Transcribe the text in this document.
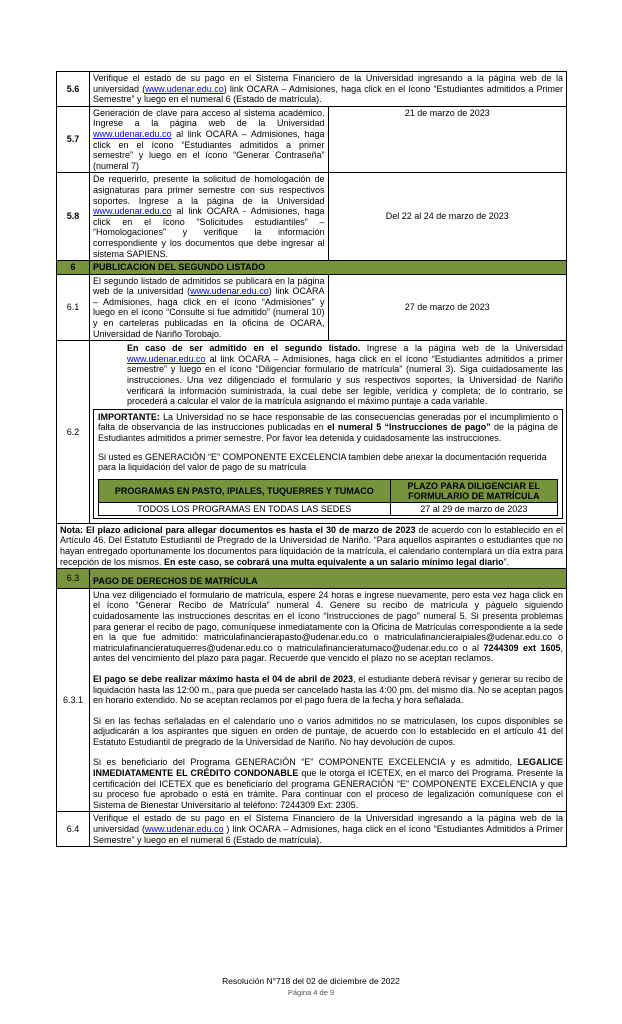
5.6	Verifique el estado de su pago en el Sistema Financiero de la Universidad ingresando a la página web de la universidad (www.udenar.edu.co) link OCARA – Admisiones, haga click en el ícono “Estudiantes admitidos a Primer Semestre” y luego en el numeral 6 (Estado de matrícula).
5.7	Generación de clave para acceso al sistema académico. Ingrese a la página web de la Universidad www.udenar.edu.co al link OCARA – Admisiones, haga click en el ícono “Estudiantes admitidos a primer semestre” y luego en el ícono “Generar Contraseña” (numeral 7)	21 de marzo de 2023
5.8	De requerirlo, presente la solicitud de homologación de asignaturas para primer semestre con sus respectivos soportes. Ingrese a la página de la Universidad www.udenar.edu.co al link OCARA - Admisiones, haga click en el ícono “Solicitudes estudiantiles” – “Homologaciones” y verifique la información correspondiente y los documentos que debe ingresar al sistema SAPIENS.	Del 22 al 24 de marzo de 2023
6	PUBLICACION DEL SEGUNDO LISTADO
6.1	El segundo listado de admitidos se publicará en la página web de la universidad (www.udenar.edu.co) link OCARA – Admisiones, haga click en el ícono “Admisiones” y luego en el ícono “Consulte si fue admitido” (numeral 10) y en carteleras publicadas en la oficina de OCARA, Universidad de Nariño Torobajo.	27 de marzo de 2023
6.2	

En caso de ser admitido en el segundo listado. Ingrese a la página web de la Universidad www.udenar.edu.co al link OCARA – Admisiones, haga click en el ícono “Estudiantes admitidos a primer semestre” y luego en el ícono “Diligenciar formulario de matrícula” (numeral 3). Siga cuidadosamente las instrucciones. Una vez diligenciado el formulario y sus respectivos soportes, la Universidad de Nariño verificará la información suministrada, la cual debe ser legible, verídica y completa; de lo contrario, se procederá a calcular el valor de la matrícula asignando el máximo puntaje a cada variable.

IMPORTANTE: La Universidad no se hace responsable de las consecuencias generadas por el incumplimiento o falta de observancia de las instrucciones publicadas en el numeral 5 “Instrucciones de pago” de la página de Estudiantes admitidos a primer semestre. Por favor lea detenida y cuidadosamente las instrucciones.

Si usted es GENERACIÓN “E” COMPONENTE EXCELENCIA también debe anexar la documentación requerida para la liquidación del valor de pago de su matrícula

PROGRAMAS EN PASTO, IPIALES, TUQUERRES Y TUMACO	PLAZO PARA DILIGENCIAR EL FORMULARIO DE MATRÍCULA
TODOS LOS PROGRAMAS EN TODAS LAS SEDES	27 al 29 de marzo de 2023

Nota: El plazo adicional para allegar documentos es hasta el 30 de marzo de 2023 de acuerdo con lo establecido en el Artículo 46. Del Estatuto Estudiantil de Pregrado de la Universidad de Nariño. “Para aquellos aspirantes o estudiantes que no hayan entregado oportunamente los documentos para liquidación de la matrícula, el calendario contemplará un día extra para recepción de los mismos. En este caso, se cobrará una multa equivalente a un salario mínimo legal diario”.
6.3	PAGO DE DERECHOS DE MATRÍCULA
6.3.1	

Una vez diligenciado el formulario de matrícula, espere 24 horas e ingrese nuevamente, pero esta vez haga click en el ícono “Generar Recibo de Matrícula” numeral 4. Genere su recibo de matrícula y páguelo siguiendo cuidadosamente las instrucciones descritas en el ícono “Instrucciones de pago” numeral 5. Si presenta problemas para generar el recibo de pago, comuníquese inmediatamente con la Oficina de Matrículas correspondiente a la sede en la que fue admitido: matriculafinancierapasto@udenar.edu.co o matriculafinancieraipiales@udenar.edu.co o matriculafinancieratuquerres@udenar.edu.co o matriculafinancieratumaco@udenar.edu.co o al 7244309 ext 1605, antes del vencimiento del plazo para pagar. Recuerde que vencido el plazo no se aceptan reclamos.

El pago se debe realizar máximo hasta el 04 de abril de 2023, el estudiante deberá revisar y generar su recibo de liquidación hasta las 12:00 m., para que pueda ser cancelado hasta las 4:00 pm. del mismo día. No se aceptan pagos en horario extendido. No se aceptan reclamos por el pago fuera de la fecha y hora señalada.

Si en las fechas señaladas en el calendario uno o varios admitidos no se matriculasen, los cupos disponibles se adjudicarán a los aspirantes que siguen en orden de puntaje, de acuerdo con lo establecido en el artículo 41 del Estatuto Estudiantil de pregrado de la Universidad de Nariño. No hay devolución de cupos.

Si es beneficiario del Programa GENERACIÓN “E” COMPONENTE EXCELENCIA y es admitido, LEGALICE INMEDIATAMENTE EL CRÉDITO CONDONABLE que le otorga el ICETEX, en el marco del Programa. Presente la certificación del ICETEX que es beneficiario del programa GENERACIÓN “E” COMPONENTE EXCELENCIA y que su proceso fue aprobado o está en trámite. Para continuar con el proceso de legalización comuníquese con el Sistema de Bienestar Universitario al teléfono: 7244309 Ext: 2305.

6.4	Verifique el estado de su pago en el Sistema Financiero de la Universidad ingresando a la página web de la universidad (www.udenar.edu.co ) link OCARA – Admisiones, haga click en el ícono “Estudiantes Admitidos a Primer Semestre” y luego en el numeral 6 (Estado de matrícula).
Resolución N°718 del 02 de diciembre de 2022
Página 4 de 9
